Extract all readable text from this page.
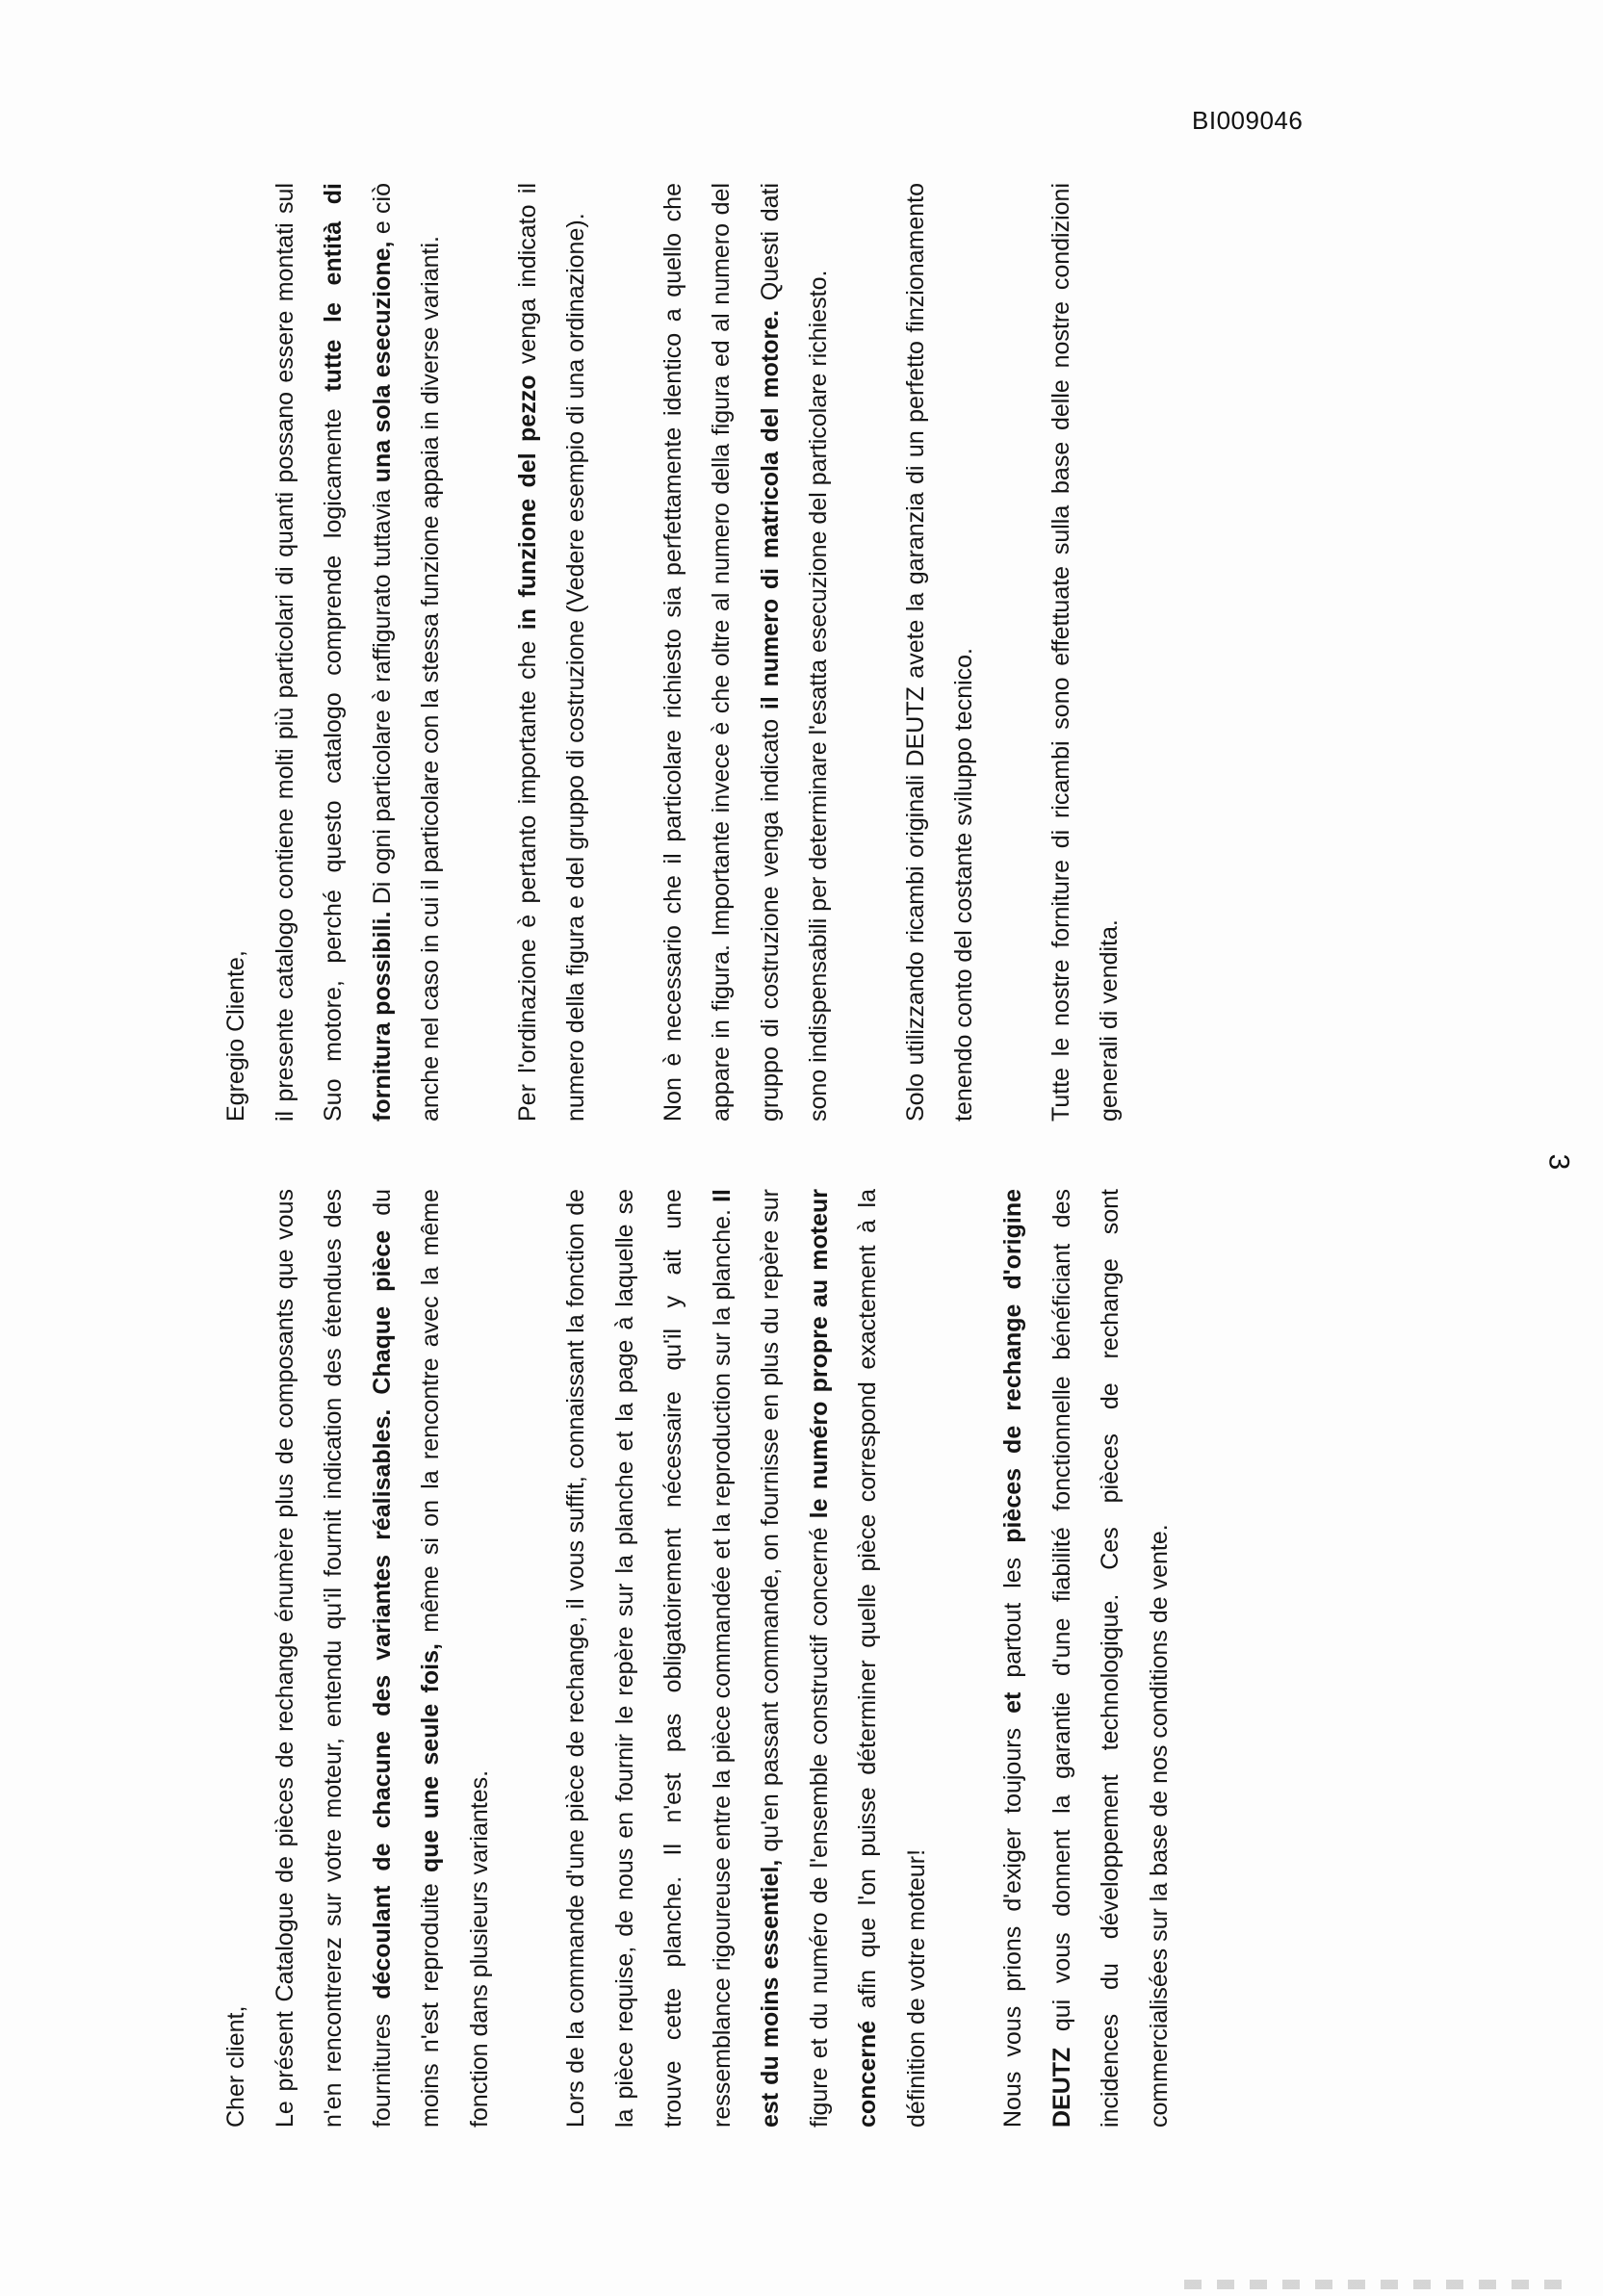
BI009046

Cher client, Le présent Catalogue de pièces de rechange énumère plus de composants que vous n'en rencontrerez sur votre moteur, entendu qu'il fournit indication des étendues des fournitures découlant de chacune des variantes réalisables. Chaque pièce du moins n'est reproduite que une seule fois, même si on la rencontre avec la même fonction dans plusieurs variantes.	Lors de la commande d'une pièce de rechange, il vous suffit, connaissant la fonction de la pièce requise, de nous en fournir le repère sur la planche et la page à laquelle se trouve cette planche. Il n'est pas obligatoirement nécessaire qu'il y ait une ressemblance rigoureuse entre la pièce commandée et la reproduction sur la planche. Il est du moins essentiel, qu'en passant commande, on fournisse en plus du repère sur figure et du numéro de l'ensemble constructif concerné le numéro propre au moteur concerné afin que l'on puisse déterminer quelle pièce correspond exactement à la définition de votre moteur!	Nous vous prions d'exiger toujours et partout les pièces de rechange d'origine DEUTZ qui vous donnent la garantie d'une fiabilité fonctionnelle bénéficiant des incidences du développement technologique. Ces pièces de rechange sont commercialisées sur la base de nos conditions de vente.

Egregio Cliente, il presente catalogo contiene molti più particolari di quanti possano essere montati sul Suo motore, perché questo catalogo comprende logicamente tutte le entità di fornitura possibili. Di ogni particolare è raffigurato tuttavia una sola esecuzione, e ciò anche nel caso in cui il particolare con la stessa funzione appaia in diverse varianti.	Per l'ordinazione è pertanto importante che in funzione del pezzo venga indicato il numero della figura e del gruppo di costruzione (Vedere esempio di una ordinazione).	Non è necessario che il particolare richiesto sia perfettamente identico a quello che appare in figura. Importante invece è che oltre al numero della figura ed al numero del gruppo di costruzione venga indicato il numero di matricola del motore. Questi dati sono indispensabili per determinare l'esatta esecuzione del particolare richiesto.	Solo utilizzando ricambi originali DEUTZ avete la garanzia di un perfetto finzionamento tenendo conto del costante sviluppo tecnico.	Tutte le nostre forniture di ricambi sono effettuate sulla base delle nostre condizioni generali di vendita.

3
